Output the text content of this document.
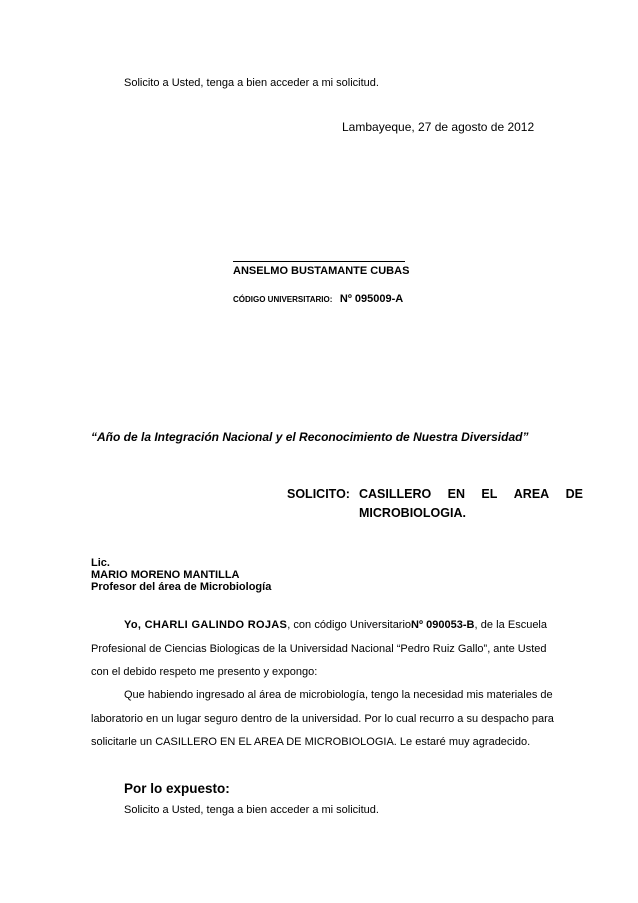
Solicito a Usted, tenga a bien acceder a mi solicitud.
Lambayeque, 27 de agosto de 2012
ANSELMO BUSTAMANTE CUBAS
CÓDIGO UNIVERSITARIO: Nº 095009-A
“Año de la Integración Nacional y el Reconocimiento de Nuestra Diversidad”
SOLICITO: CASILLERO EN EL AREA DE
MICROBIOLOGIA.
Lic.
MARIO MORENO MANTILLA
Profesor del área de Microbiología
Yo, CHARLI GALINDO ROJAS, con código UniversitarioNº 090053-B, de la Escuela
Profesional de Ciencias Biologicas de la Universidad Nacional “Pedro Ruiz Gallo”, ante Usted
con el debido respeto me presento y expongo:
Que habiendo ingresado al área de microbiología, tengo la necesidad mis materiales de
laboratorio en un lugar seguro dentro de la universidad. Por lo cual recurro a su despacho para
solicitarle un CASILLERO EN EL AREA DE MICROBIOLOGIA. Le estaré muy agradecido.
Por lo expuesto:
Solicito a Usted, tenga a bien acceder a mi solicitud.
